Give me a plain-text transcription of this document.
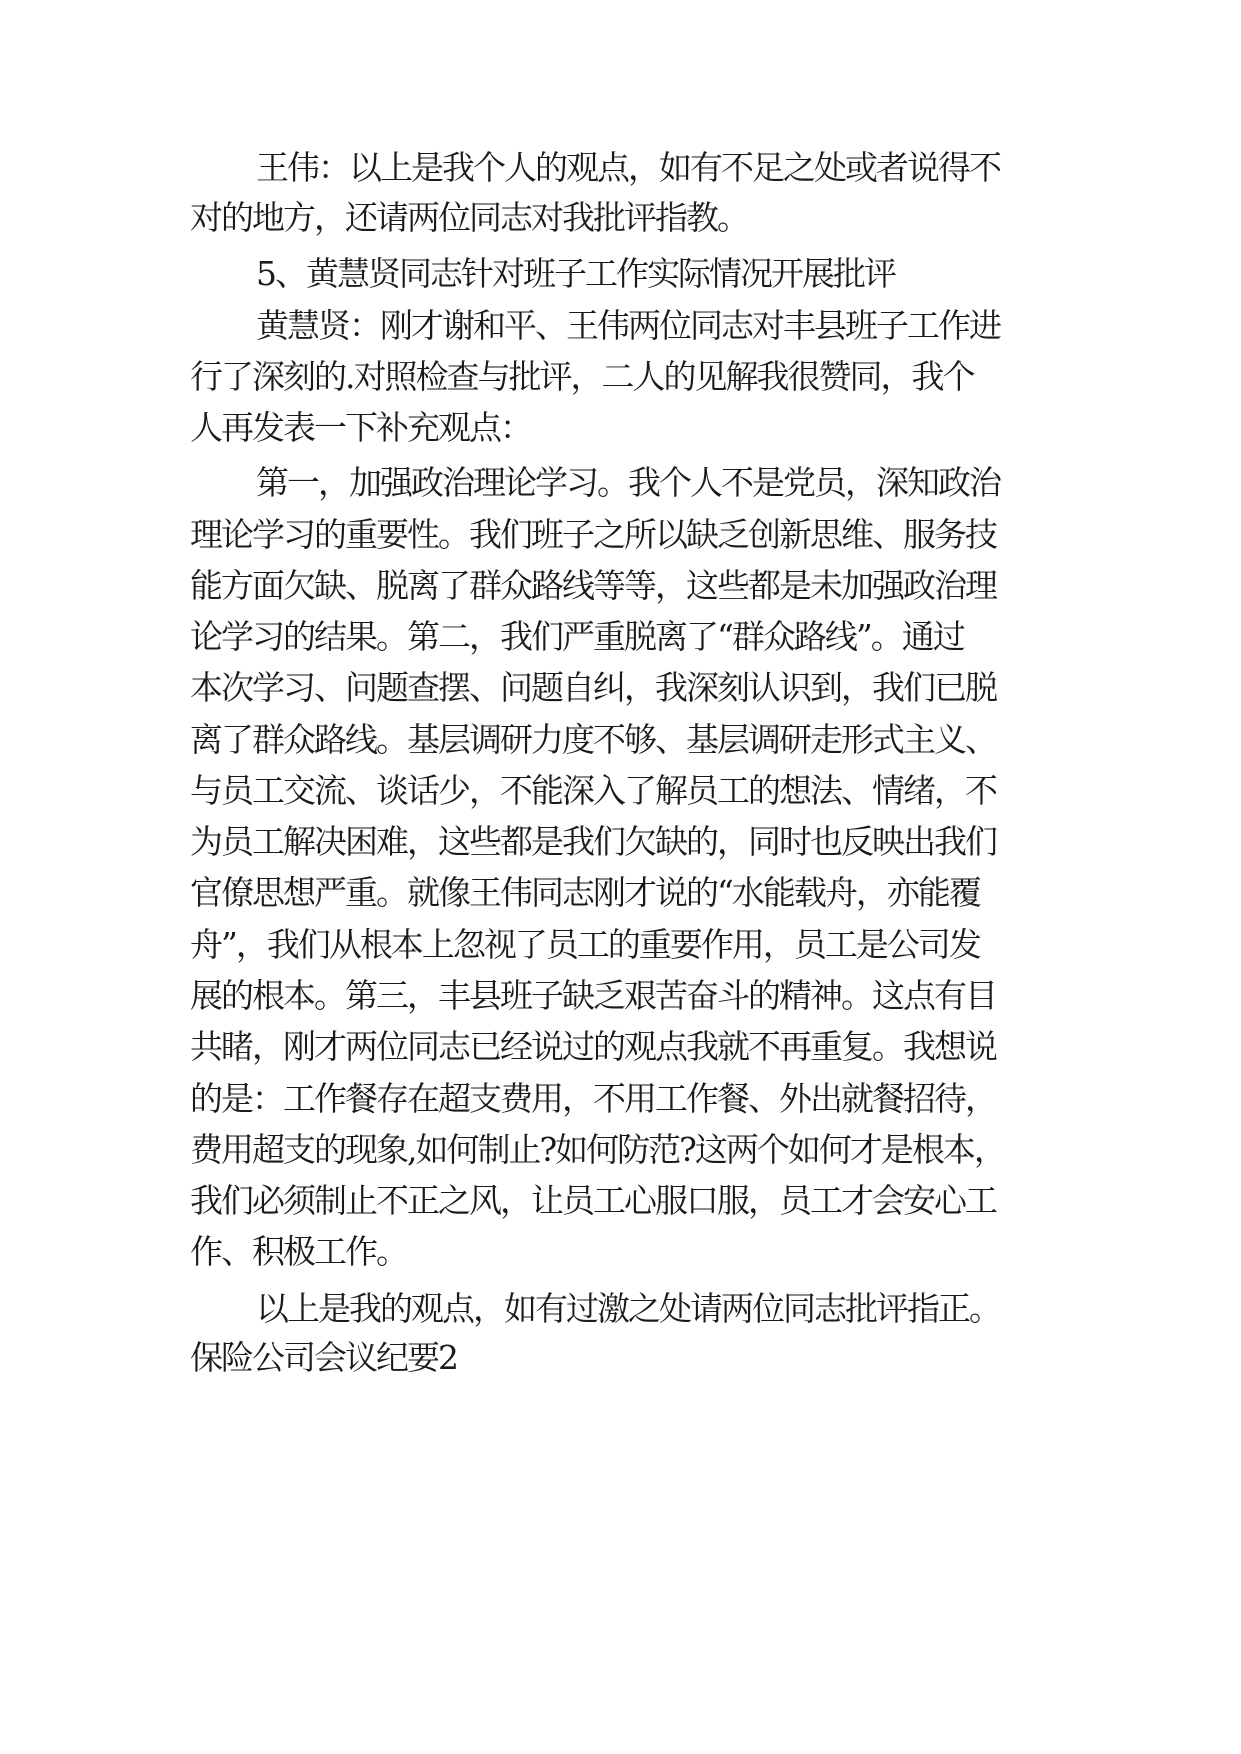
王伟：以上是我个人的观点，如有不足之处或者说得不
对的地方，还请两位同志对我批评指教。
5、黄慧贤同志针对班子工作实际情况开展批评
黄慧贤：刚才谢和平、王伟两位同志对丰县班子工作进
行了深刻的.对照检查与批评，二人的见解我很赞同，我个
人再发表一下补充观点：
第一，加强政治理论学习。我个人不是党员，深知政治
理论学习的重要性。我们班子之所以缺乏创新思维、服务技
能方面欠缺、脱离了群众路线等等，这些都是未加强政治理
论学习的结果。第二，我们严重脱离了“群众路线”。通过
本次学习、问题查摆、问题自纠，我深刻认识到，我们已脱
离了群众路线。基层调研力度不够、基层调研走形式主义、
与员工交流、谈话少，不能深入了解员工的想法、情绪，不
为员工解决困难，这些都是我们欠缺的，同时也反映出我们
官僚思想严重。就像王伟同志刚才说的“水能载舟，亦能覆
舟”，我们从根本上忽视了员工的重要作用，员工是公司发
展的根本。第三，丰县班子缺乏艰苦奋斗的精神。这点有目
共睹，刚才两位同志已经说过的观点我就不再重复。我想说
的是：工作餐存在超支费用，不用工作餐、外出就餐招待，
费用超支的现象,如何制止?如何防范?这两个如何才是根本，
我们必须制止不正之风，让员工心服口服，员工才会安心工
作、积极工作。
以上是我的观点，如有过激之处请两位同志批评指正。
保险公司会议纪要2
